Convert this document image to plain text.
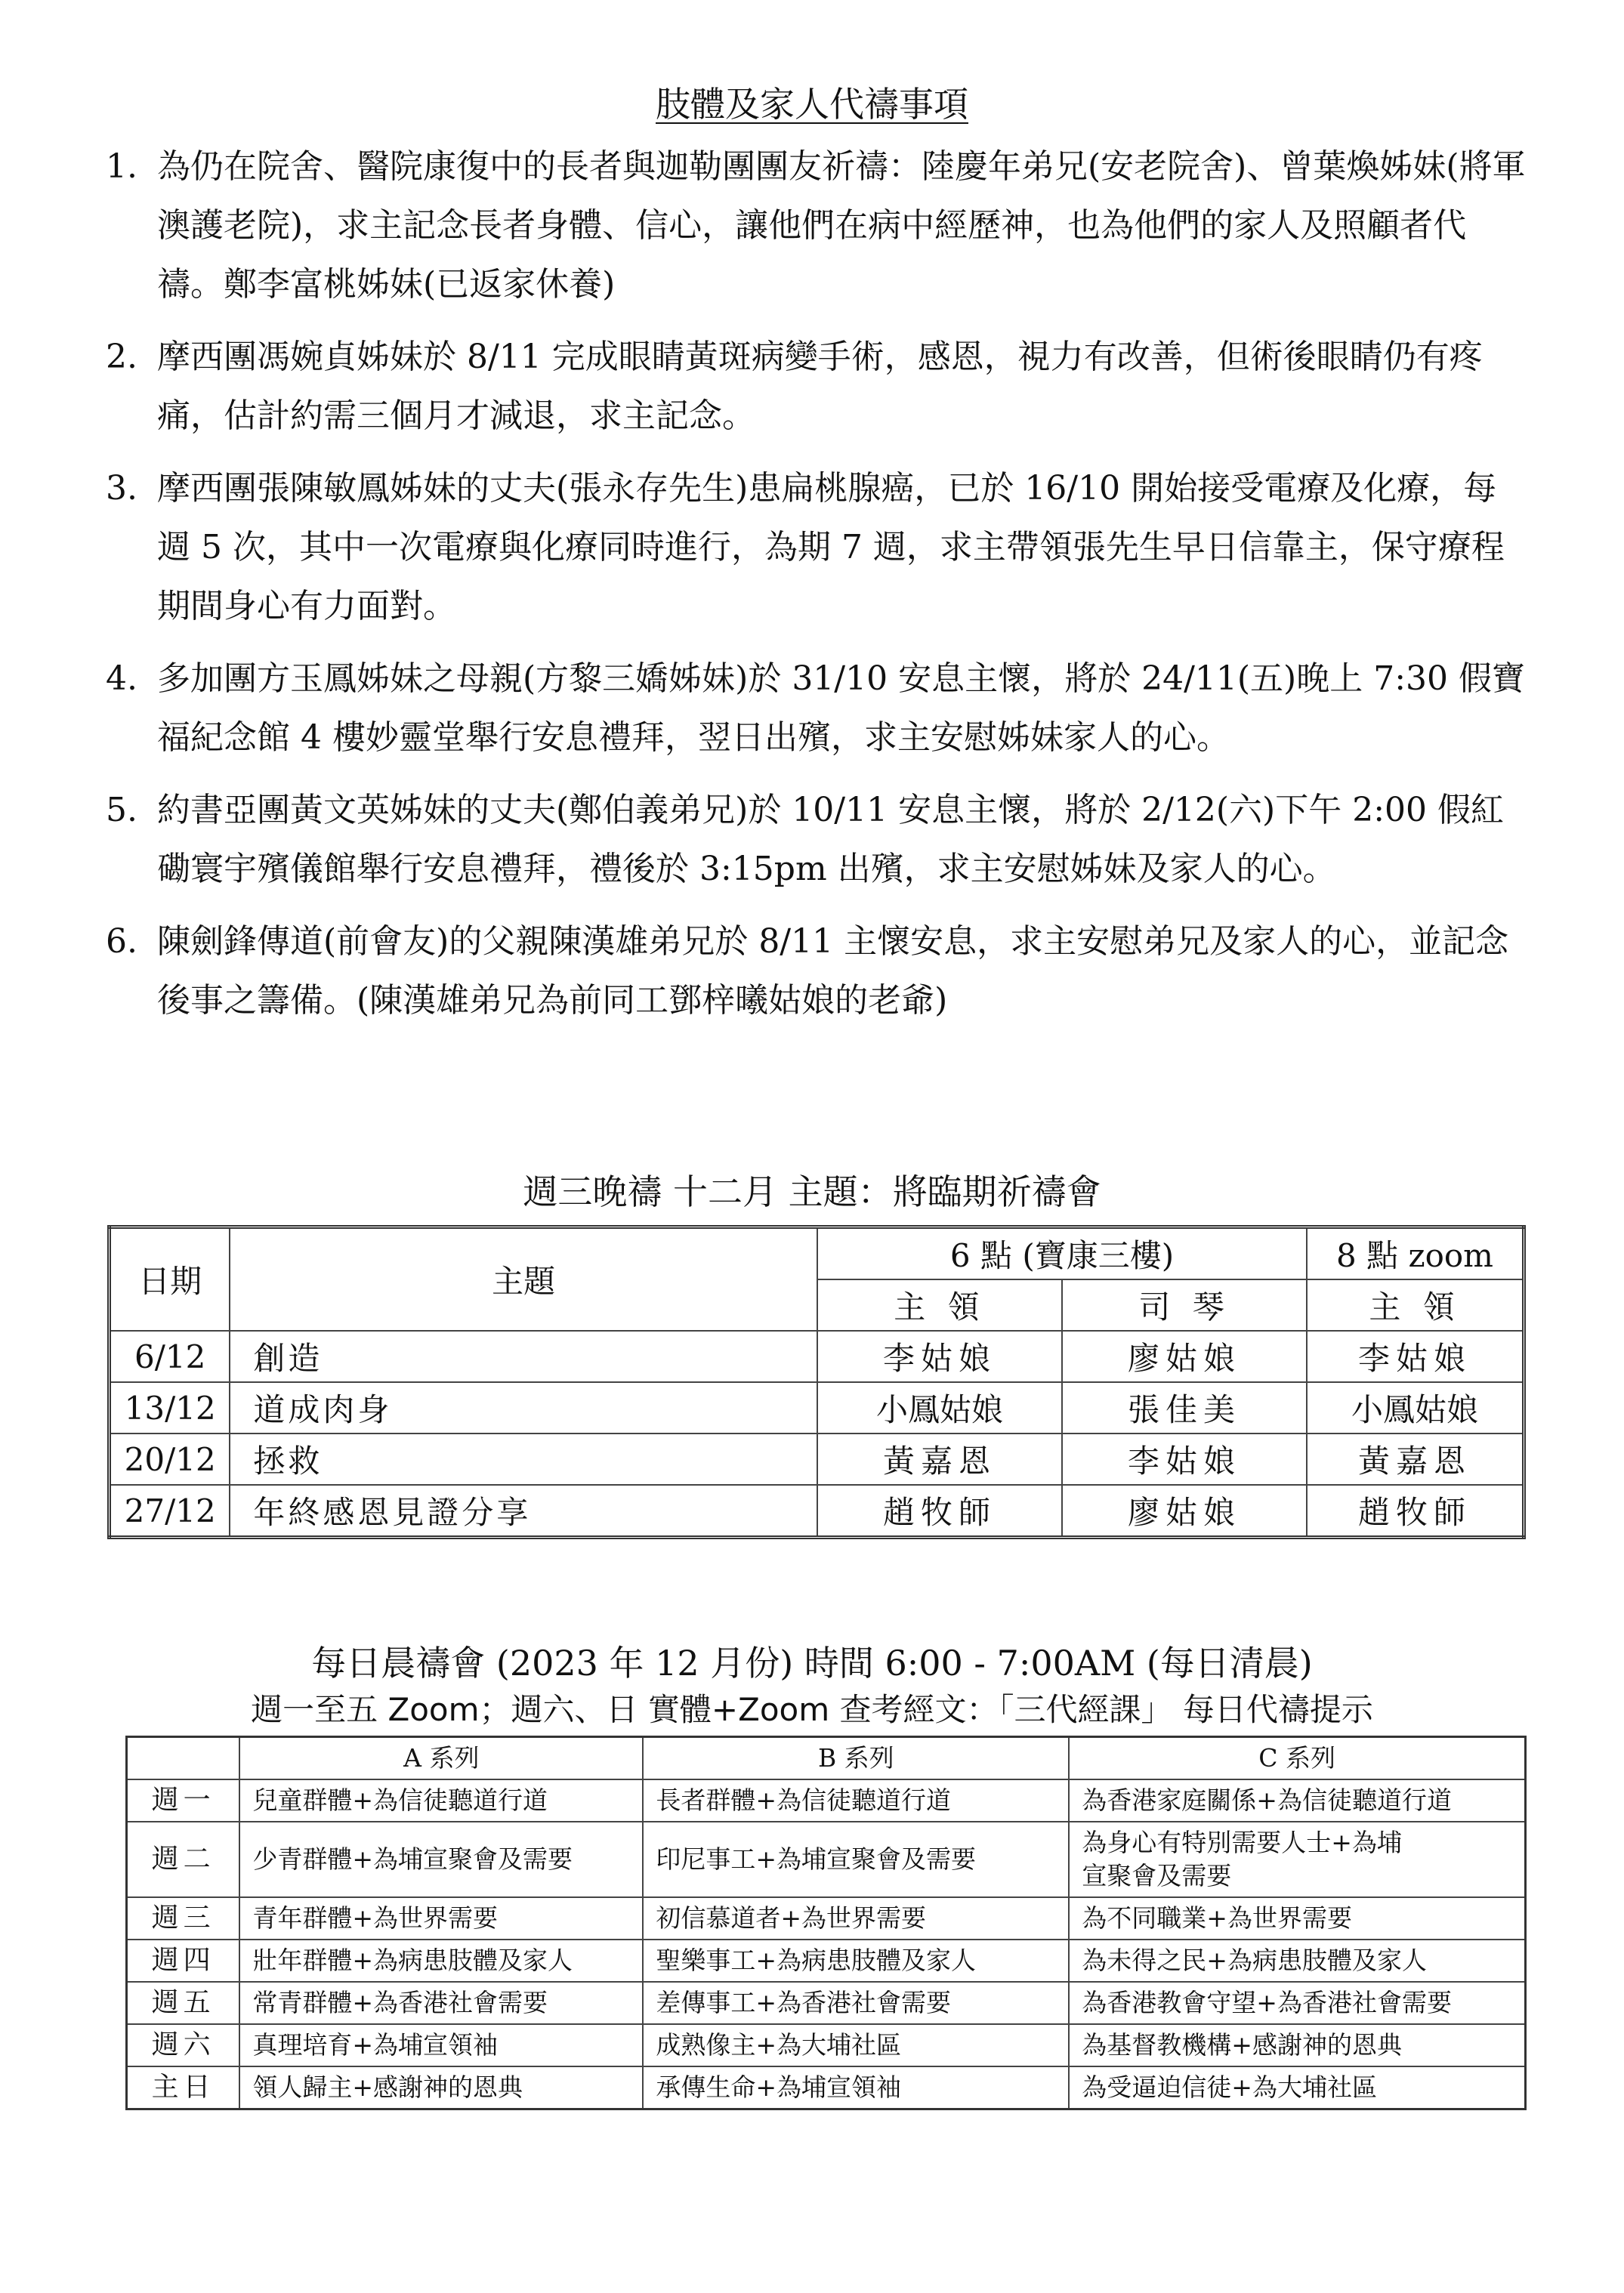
肢體及家人代禱事項
1. 為仍在院舍、醫院康復中的長者與迦勒團團友祈禱：陸慶年弟兄(安老院舍)、曾葉煥姊妹(將軍澳護老院)，求主記念長者身體、信心，讓他們在病中經歷神，也為他們的家人及照顧者代禱。鄭李富桃姊妹(已返家休養)
2. 摩西團馮婉貞姊妹於 8/11 完成眼睛黃斑病變手術，感恩，視力有改善，但術後眼睛仍有疼痛，估計約需三個月才減退，求主記念。
3. 摩西團張陳敏鳳姊妹的丈夫(張永存先生)患扁桃腺癌，已於 16/10 開始接受電療及化療，每週 5 次，其中一次電療與化療同時進行，為期 7 週，求主帶領張先生早日信靠主，保守療程期間身心有力面對。
4. 多加團方玉鳳姊妹之母親(方黎三嬌姊妹)於 31/10 安息主懷，將於 24/11(五)晚上 7:30 假寶福紀念館 4 樓妙靈堂舉行安息禮拜，翌日出殯，求主安慰姊妹家人的心。
5. 約書亞團黃文英姊妹的丈夫(鄭伯義弟兄)於 10/11 安息主懷，將於 2/12(六)下午 2:00 假紅磡寰宇殯儀館舉行安息禮拜，禮後於 3:15pm 出殯，求主安慰姊妹及家人的心。
6. 陳劍鋒傳道(前會友)的父親陳漢雄弟兄於 8/11 主懷安息，求主安慰弟兄及家人的心，並記念後事之籌備。(陳漢雄弟兄為前同工鄧梓曦姑娘的老爺)
週三晚禱 十二月 主題：將臨期祈禱會
日期	主題	6 點 (寶康三樓)		8 點 zoom
		主 領	司 琴	主 領
6/12	創造	李姑娘	廖姑娘	李姑娘
13/12	道成肉身	小鳳姑娘	張佳美	小鳳姑娘
20/12	拯救	黃嘉恩	李姑娘	黃嘉恩
27/12	年終感恩見證分享	趙牧師	廖姑娘	趙牧師
每日晨禱會 (2023 年 12 月份) 時間 6:00 - 7:00AM (每日清晨)
週一至五 Zoom；週六、日 實體+Zoom 查考經文：「三代經課」 每日代禱提示
	A 系列	B 系列	C 系列
週一	兒童群體+為信徒聽道行道	長者群體+為信徒聽道行道	為香港家庭關係+為信徒聽道行道
週二	少青群體+為埔宣聚會及需要	印尼事工+為埔宣聚會及需要	為身心有特別需要人士+為埔宣聚會及需要
週三	青年群體+為世界需要	初信慕道者+為世界需要	為不同職業+為世界需要
週四	壯年群體+為病患肢體及家人	聖樂事工+為病患肢體及家人	為未得之民+為病患肢體及家人
週五	常青群體+為香港社會需要	差傳事工+為香港社會需要	為香港教會守望+為香港社會需要
週六	真理培育+為埔宣領袖	成熟像主+為大埔社區	為基督教機構+感謝神的恩典
主日	領人歸主+感謝神的恩典	承傳生命+為埔宣領袖	為受逼迫信徒+為大埔社區
